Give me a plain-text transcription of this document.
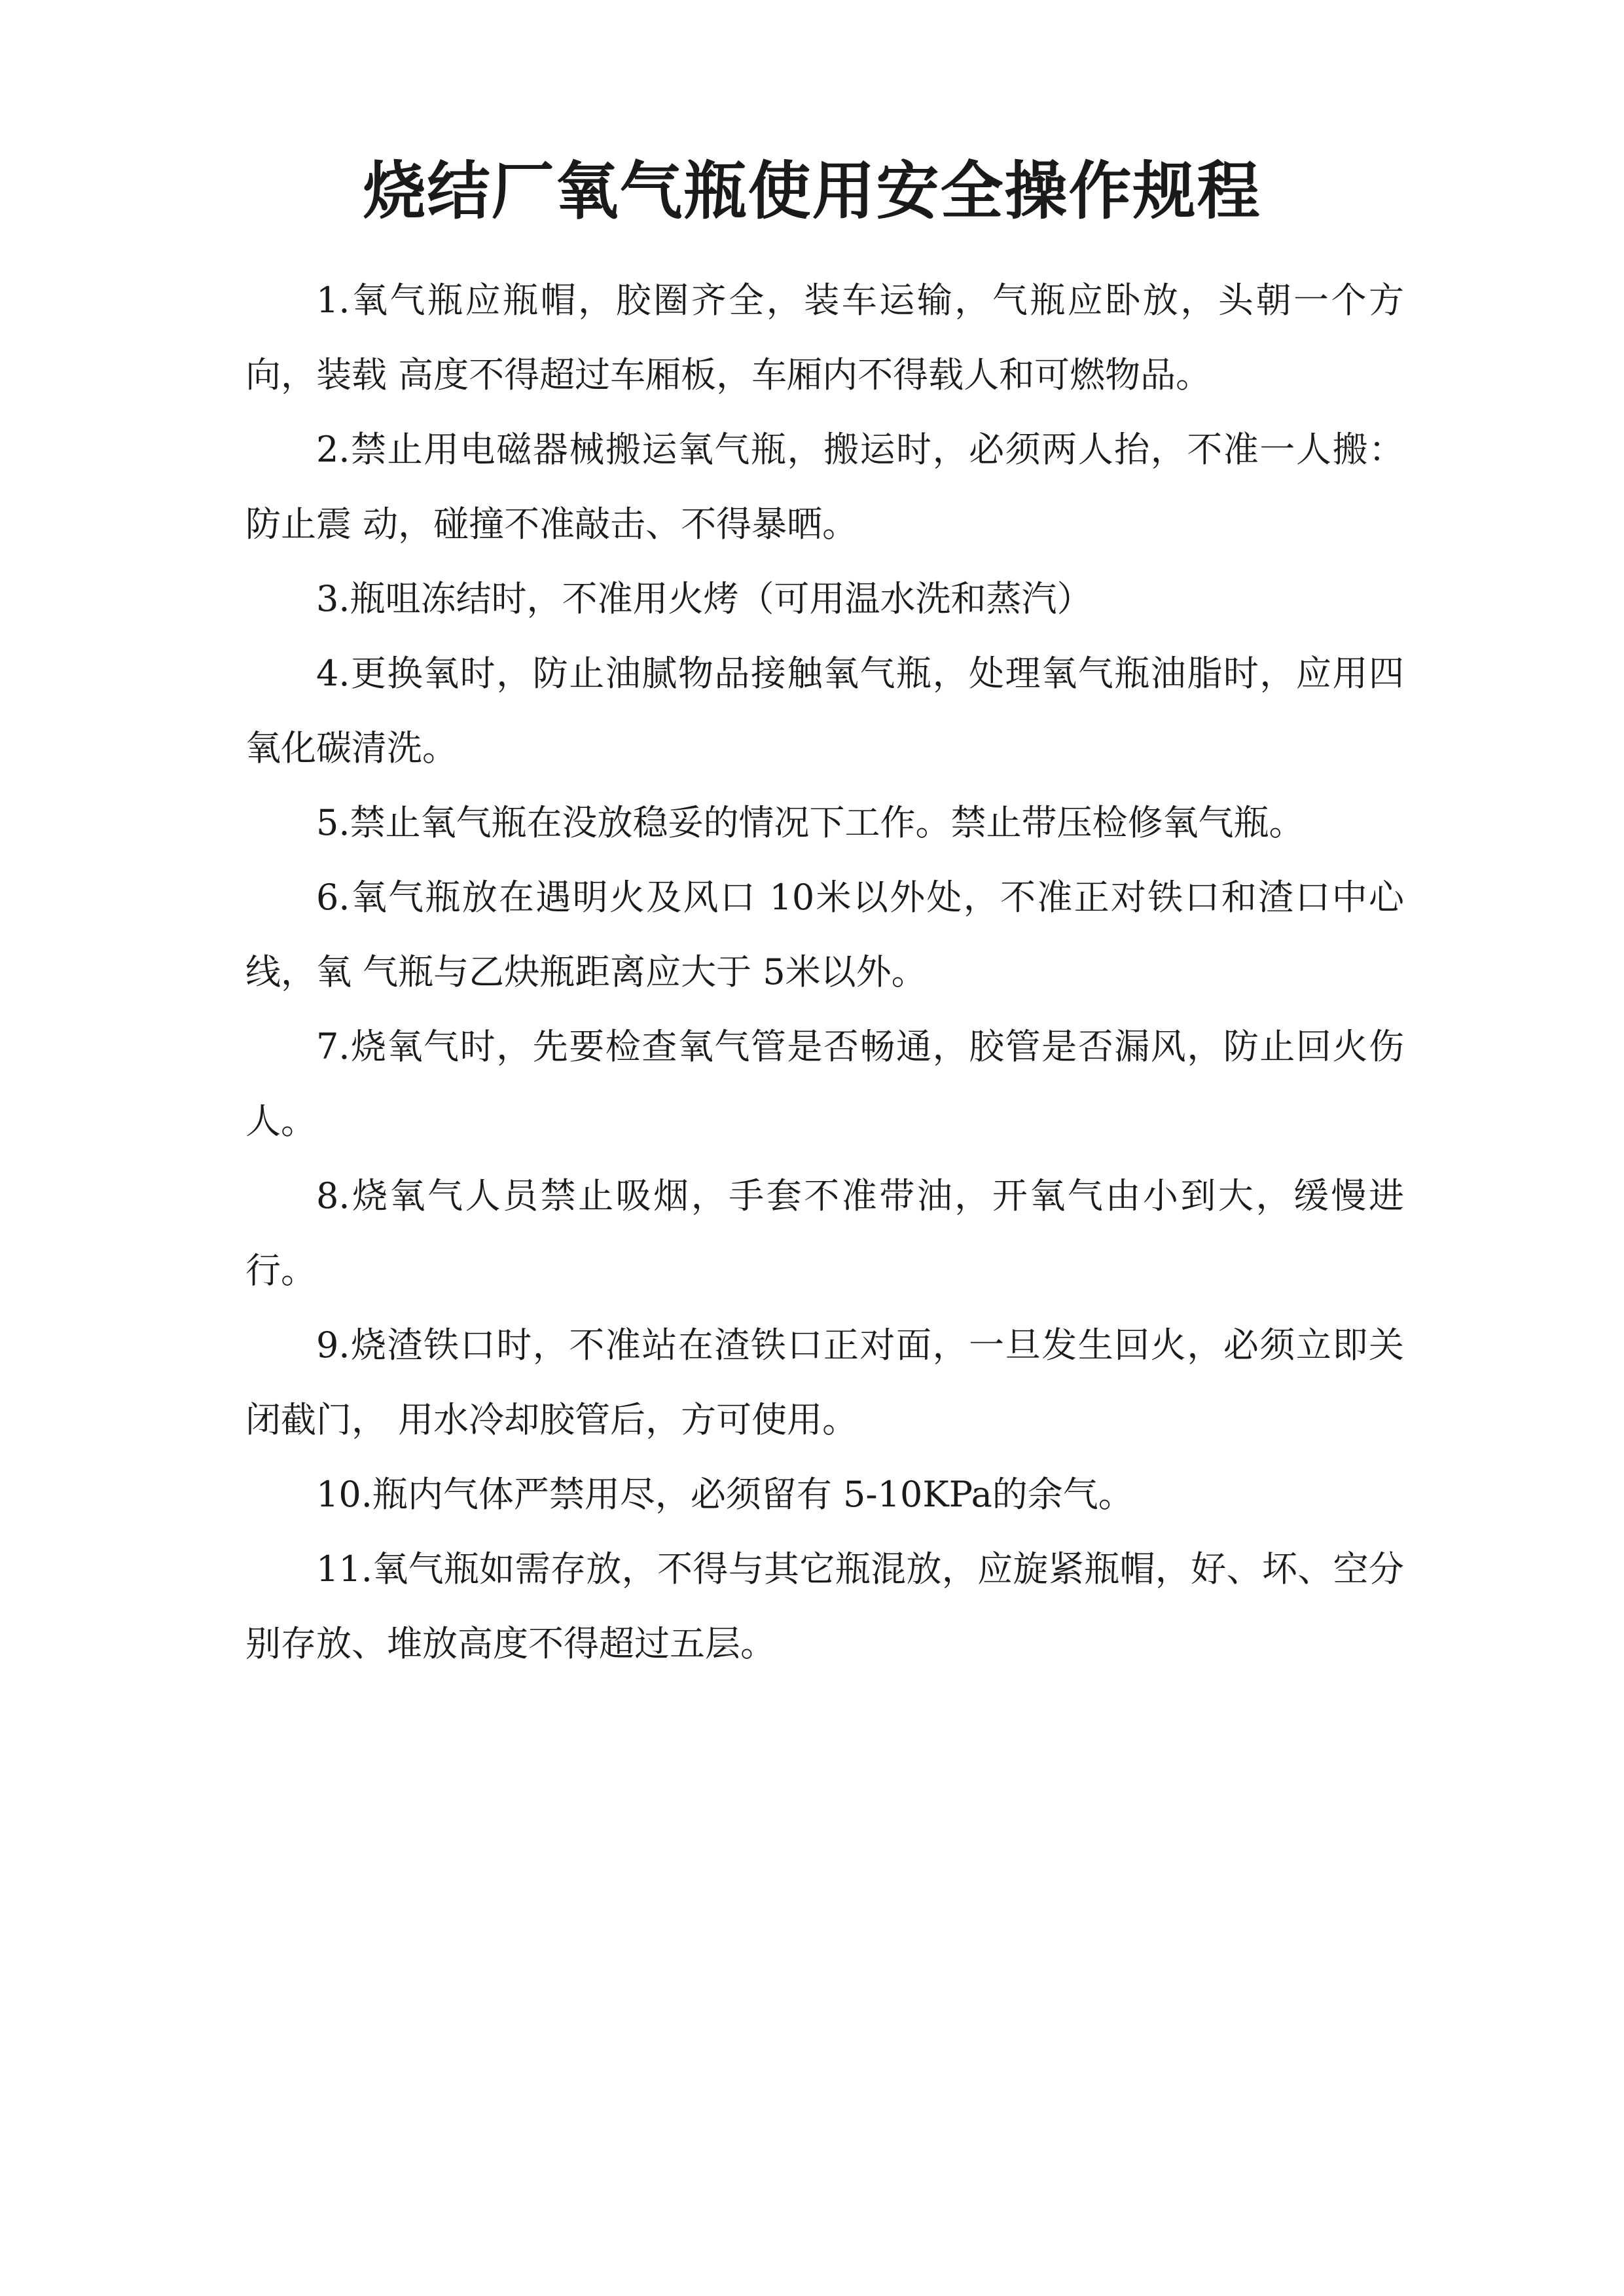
烧结厂氧气瓶使用安全操作规程

1.氧气瓶应瓶帽，胶圈齐全，装车运输，气瓶应卧放，头朝一个方向，装载 高度不得超过车厢板，车厢内不得载人和可燃物品。

2.禁止用电磁器械搬运氧气瓶，搬运时，必须两人抬，不准一人搬：防止震 动，碰撞不准敲击、不得暴晒。

3.瓶咀冻结时，不准用火烤（可用温水洗和蒸汽）

4.更换氧时，防止油腻物品接触氧气瓶，处理氧气瓶油脂时，应用四氧化碳清洗。

5.禁止氧气瓶在没放稳妥的情况下工作。禁止带压检修氧气瓶。

6.氧气瓶放在遇明火及风口 10米以外处，不准正对铁口和渣口中心线，氧 气瓶与乙炔瓶距离应大于 5米以外。

7.烧氧气时，先要检查氧气管是否畅通，胶管是否漏风，防止回火伤人。

8.烧氧气人员禁止吸烟，手套不准带油，开氧气由小到大，缓慢进行。

9.烧渣铁口时，不准站在渣铁口正对面，一旦发生回火，必须立即关闭截门， 用水冷却胶管后，方可使用。

10.瓶内气体严禁用尽，必须留有 5-10KPa的余气。

11.氧气瓶如需存放，不得与其它瓶混放，应旋紧瓶帽，好、坏、空分别存放、堆放高度不得超过五层。
